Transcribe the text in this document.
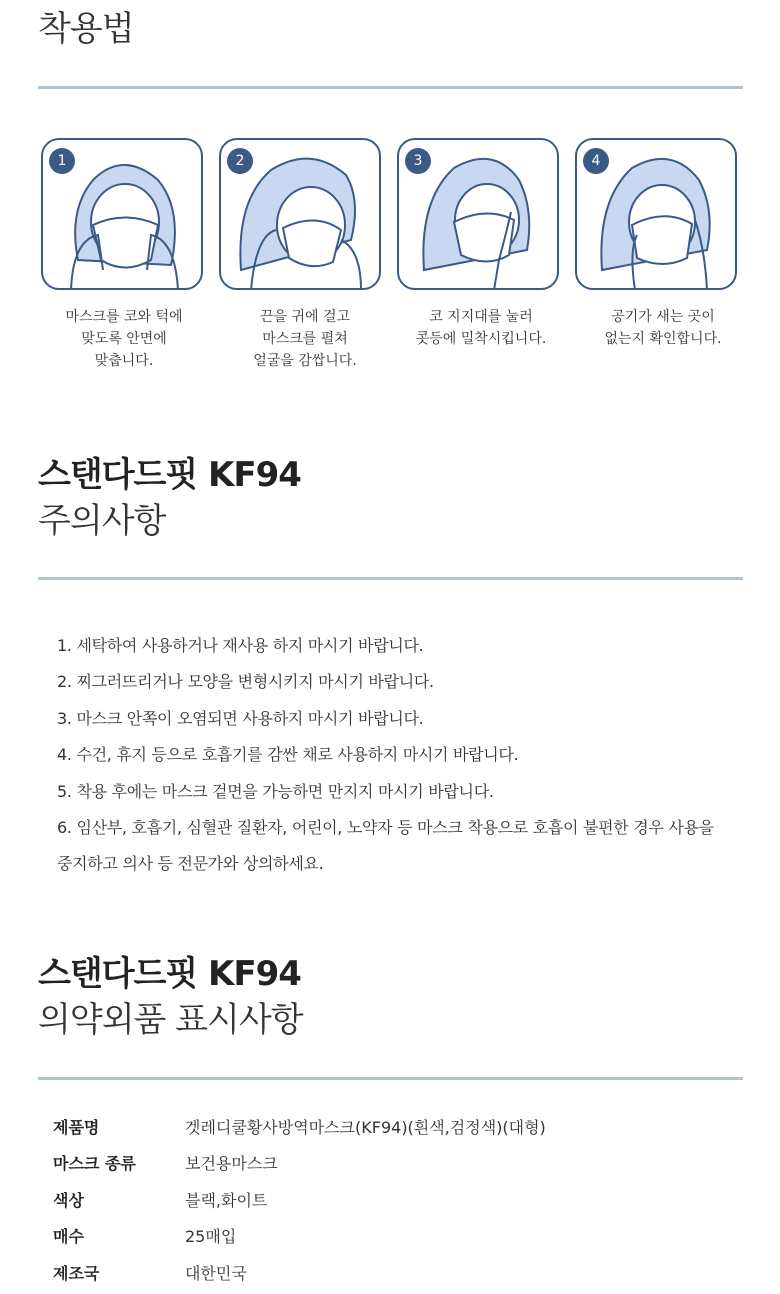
착용법
1	2	3	4
마스크를 코와 턱에
맞도록 안면에
맞춥니다.
끈을 귀에 걸고
마스크를 펼쳐
얼굴을 감쌉니다.
코 지지대를 눌러
콧등에 밀착시킵니다.
공기가 새는 곳이
없는지 확인합니다.
스탠다드핏 KF94
주의사항
1. 세탁하여 사용하거나 재사용 하지 마시기 바랍니다.
2. 찌그러뜨리거나 모양을 변형시키지 마시기 바랍니다.
3. 마스크 안쪽이 오염되면 사용하지 마시기 바랍니다.
4. 수건, 휴지 등으로 호흡기를 감싼 채로 사용하지 마시기 바랍니다.
5. 착용 후에는 마스크 겉면을 가능하면 만지지 마시기 바랍니다.
6. 임산부, 호흡기, 심혈관 질환자, 어린이, 노약자 등 마스크 착용으로 호흡이 불편한 경우 사용을
중지하고 의사 등 전문가와 상의하세요.
스탠다드핏 KF94
의약외품 표시사항
제품명	겟레디쿨황사방역마스크(KF94)(흰색,검정색)(대형)
마스크 종류	보건용마스크
색상	블랙,화이트
매수	25매입
제조국	대한민국
